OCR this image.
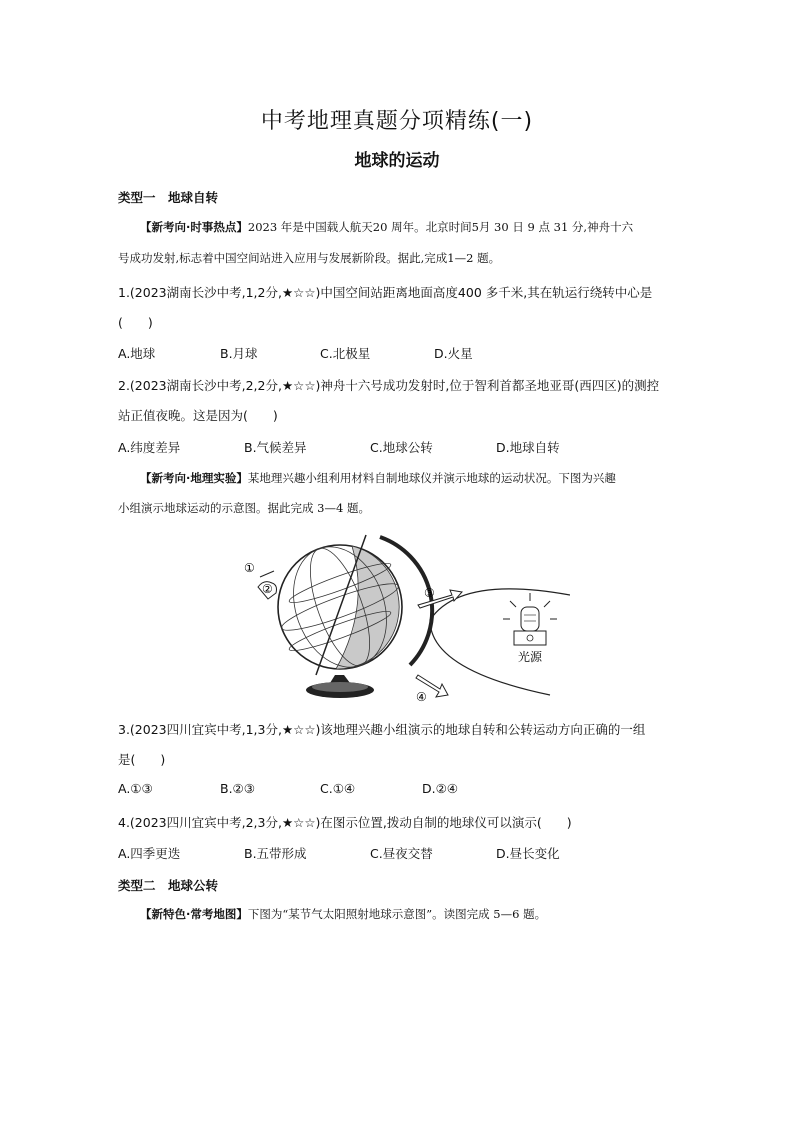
中考地理真题分项精练(一)
地球的运动
类型一　地球自转
【新考向·时事热点】2023 年是中国载人航天20 周年。北京时间5月 30 日 9 点 31 分,神舟十六
号成功发射,标志着中国空间站进入应用与发展新阶段。据此,完成1—2 题。
1.(2023湖南长沙中考,1,2分,★☆☆)中国空间站距离地面高度400 多千米,其在轨运行绕转中心是
(　　)
A.地球	B.月球	C.北极星	D.火星
2.(2023湖南长沙中考,2,2分,★☆☆)神舟十六号成功发射时,位于智利首都圣地亚哥(西四区)的测控
站正值夜晚。这是因为(　　)
A.纬度差异	B.气候差异	C.地球公转	D.地球自转
【新考向·地理实验】某地理兴趣小组利用材料自制地球仪并演示地球的运动状况。下图为兴趣
小组演示地球运动的示意图。据此完成 3—4 题。
①
②	③
④
光源
3.(2023四川宜宾中考,1,3分,★☆☆)该地理兴趣小组演示的地球自转和公转运动方向正确的一组
是(　　)
A.①③	B.②③	C.①④	D.②④
4.(2023四川宜宾中考,2,3分,★☆☆)在图示位置,拨动自制的地球仪可以演示(　　)
A.四季更迭	B.五带形成	C.昼夜交替	D.昼长变化
类型二　地球公转
【新特色·常考地图】下图为“某节气太阳照射地球示意图”。读图完成 5—6 题。
